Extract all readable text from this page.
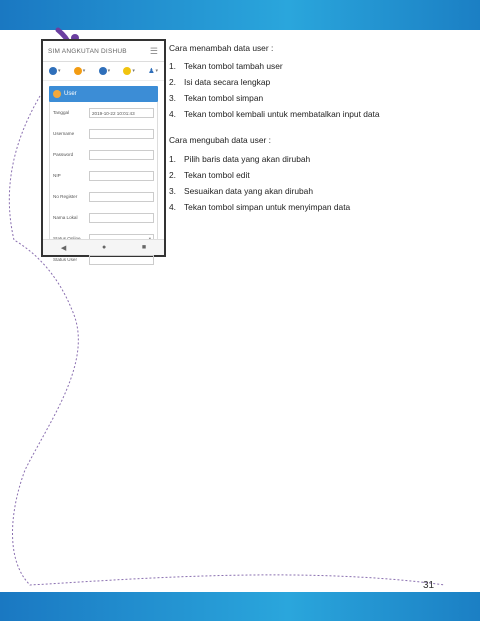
SIM ANGKUTAN DISHUB	☰
▾	▾	▾	▾ ♟ ▾
User
Tanggal	2019-10-22 10:01:43
Username
Password
NIP
No Register
Nama Lokal
Status User
◀	●	■

Cara menambah data user :

1. Tekan tombol tambah user
2. Isi data secara lengkap
3. Tekan tombol simpan
4. Tekan tombol kembali untuk membatalkan input data

Cara mengubah data user :

1. Pilih baris data yang akan dirubah
2. Tekan tombol edit
3. Sesuaikan data yang akan dirubah
4. Tekan tombol simpan untuk menyimpan data
31
